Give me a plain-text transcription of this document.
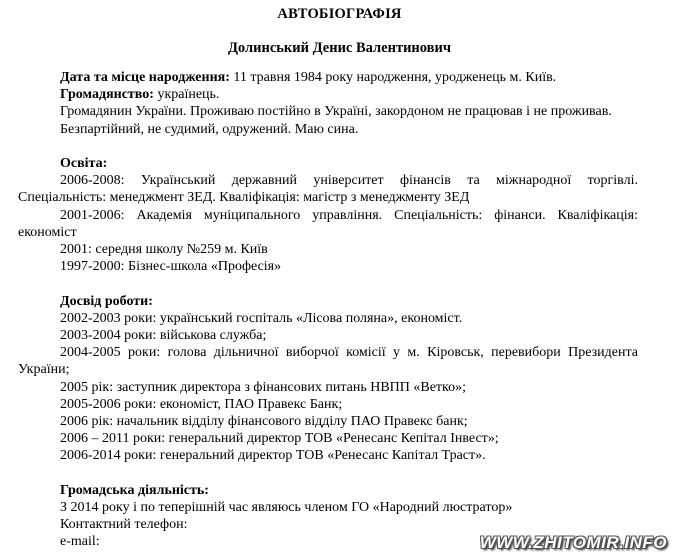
АВТОБІОГРАФІЯ
Долинський Денис Валентинович

Дата та місце народження: 11 травня 1984 року народження, уродженець м. Київ.

Громадянство: українець.

Громадянин України. Проживаю постійно в Україні, закордоном не працював і не проживав.

Безпартійний, не судимий, одружений. Маю сина.

Освіта:

2006-2008: Український державний університет фінансів та міжнародної торгівлі. Спеціальність: менеджмент ЗЕД. Кваліфікація: магістр з менеджменту ЗЕД

2001-2006: Академія муніципального управління. Спеціальність: фінанси. Кваліфікація: економіст

2001: середня школу №259 м. Київ

1997-2000: Бізнес-школа «Професія»

Досвід роботи:

2002-2003 роки: український госпіталь «Лісова поляна», економіст.

2003-2004 роки: військова служба;

2004-2005 роки: голова дільничної виборчої комісії у м. Кіровськ, перевибори Президента України;

2005 рік: заступник директора з фінансових питань НВПП «Ветко»;

2005-2006 роки: економіст, ПАО Правекс Банк;

2006 рік: начальник відділу фінансового відділу ПАО Правекс банк;

2006 – 2011 роки: генеральний директор ТОВ «Ренесанс Кепітал Інвест»;

2006-2014 роки: генеральний директор ТОВ «Ренесанс Капітал Траст».

Громадська діяльність:

З 2014 року і по теперішній час являюсь членом ГО «Народний люстратор»

Контактний телефон:

e-mail:	WWW.ZHITOMIR.INFO
